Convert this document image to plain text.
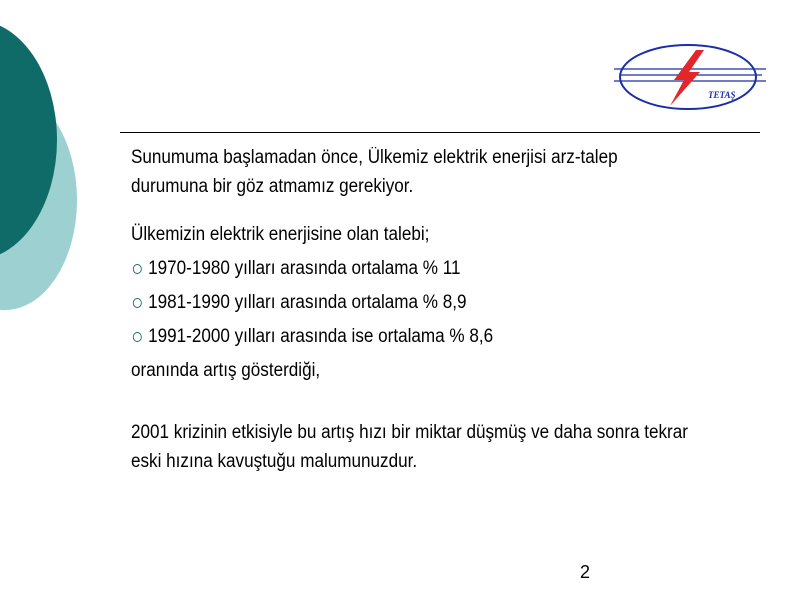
TETAŞ

Sunumuma başlamadan önce, Ülkemiz elektrik enerjisi arz-talep durumuna bir göz atmamız gerekiyor.

Ülkemizin elektrik enerjisine olan talebi;

1970-1980 yılları arasında ortalama % 11
1981-1990 yılları arasında ortalama % 8,9
1991-2000 yılları arasında ise ortalama % 8,6

oranında artış gösterdiği,

2001 krizinin etkisiyle bu artış hızı bir miktar düşmüş ve daha sonra tekrar eski hızına kavuştuğu malumunuzdur.

2
